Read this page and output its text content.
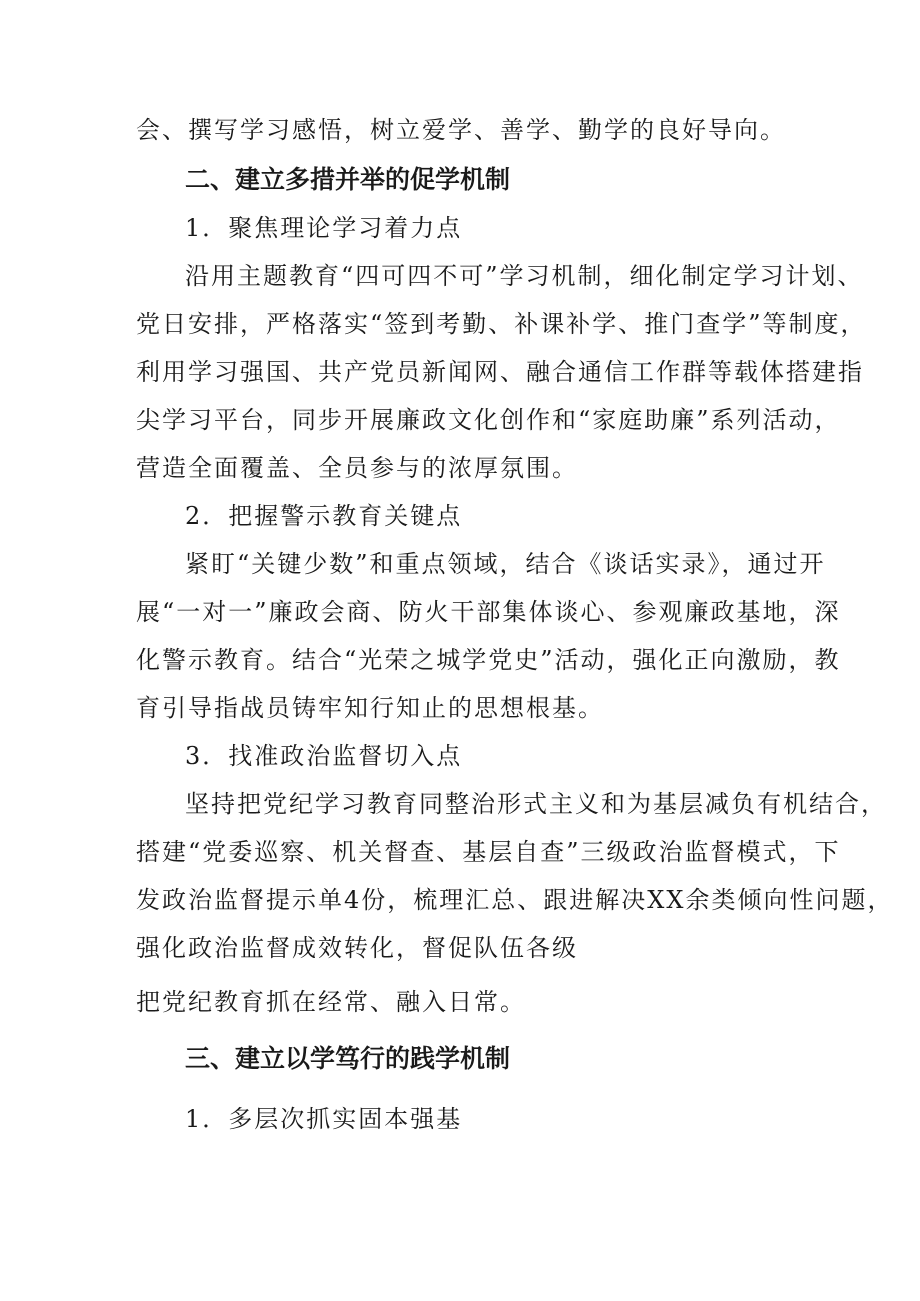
会、撰写学习感悟，树立爱学、善学、勤学的良好导向。
二、建立多措并举的促学机制
1．聚焦理论学习着力点
沿用主题教育“四可四不可”学习机制，细化制定学习计划、
党日安排，严格落实“签到考勤、补课补学、推门查学”等制度，
利用学习强国、共产党员新闻网、融合通信工作群等载体搭建指
尖学习平台，同步开展廉政文化创作和“家庭助廉”系列活动，
营造全面覆盖、全员参与的浓厚氛围。
2．把握警示教育关键点
紧盯“关键少数”和重点领域，结合《谈话实录》，通过开
展“一对一”廉政会商、防火干部集体谈心、参观廉政基地，深
化警示教育。结合“光荣之城学党史”活动，强化正向激励，教
育引导指战员铸牢知行知止的思想根基。
3．找准政治监督切入点
坚持把党纪学习教育同整治形式主义和为基层减负有机结合，
搭建“党委巡察、机关督查、基层自查”三级政治监督模式，下
发政治监督提示单4份，梳理汇总、跟进解决XX余类倾向性问题，
强化政治监督成效转化，督促队伍各级
把党纪教育抓在经常、融入日常。
三、建立以学笃行的践学机制
1．多层次抓实固本强基
